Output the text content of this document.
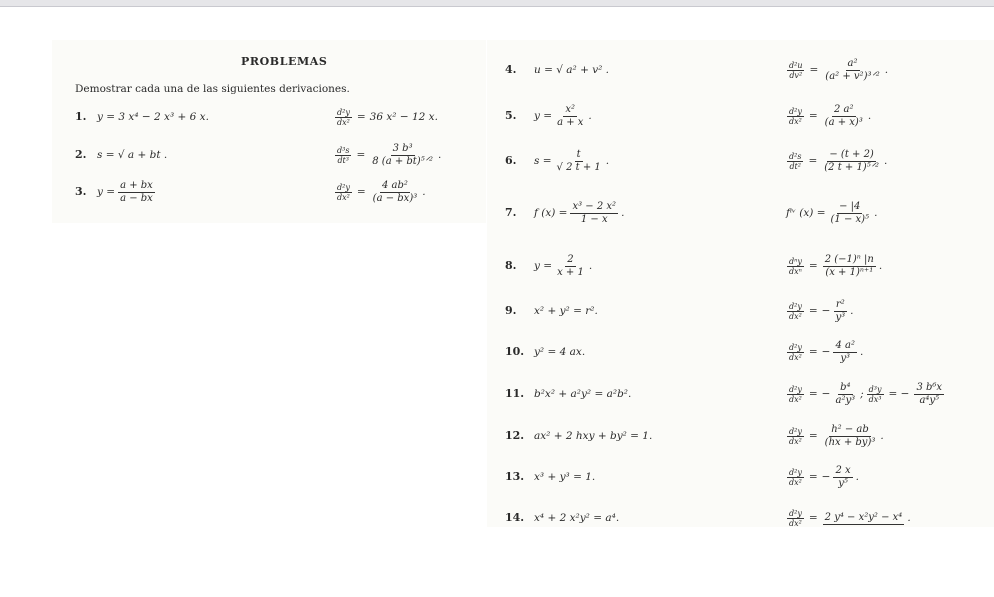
PROBLEMAS
Demostrar cada una de las siguientes derivaciones.
1. y = 3 x⁴ − 2 x³ + 6 x.	$\frac{\text{d²y}}{\text{dx²}} = 36$ x² − 12 x.
2. s = √ a + bt .	$\frac{\text{d³s}}{\text{dt³}} = \frac{\text{3 b³}}{\text{8 (a + bt)⁵ᐟ²}}$ .
3. $y = \frac{a + bx}{a - bx}$	$\frac{\text{d²y}}{\text{dx²}} = \frac{\text{4 ab²}}{\text{(a − bx)³}}$ .
4. u = √ a² + v² .	$\frac{\text{d²u}}{\text{dv²}} = \frac{\text{a²}}{\text{(a² + v²)³ᐟ²}}$ .
5. $y = \frac{\text{x²}}{a + x}$ .	$\frac{\text{d²y}}{\text{dx²}} = \frac{\text{2 a²}}{\text{(a + x)³}}$ .
6. $s = \frac{t}{√ 2 t + 1}$ .	$\frac{\text{d²s}}{\text{dt²}} = \frac{- (t + 2)}{\text{(2 t + 1)⁵ᐟ²}}$ .
7. f $(x) = \frac{\text{x³ − 2 x²}}{1 - x}$ .	fⁱᵛ $(x) = \frac{- |4}{\text{(1 − x)⁵}}$ .
8. $y = \frac{2}{x + 1}$ .	$\frac{\text{dⁿy}}{\text{dxⁿ}} = \frac{\text{2 (−1)ⁿ |n}}{\text{(x + 1)ⁿ⁺¹}}$ .
9. x² + y² = r².	$\frac{\text{d²y}}{\text{dx²}}$ = − $\frac{\text{r²}}{\text{y³}}$ .
10. y² = 4 ax.	$\frac{\text{d²y}}{\text{dx²}}$ = − $\frac{\text{4 a²}}{\text{y³}}$ .
11. b²x² + a²y² = a²b².	$\frac{\text{d²y}}{\text{dx²}}$ = − $\frac{\text{b⁴}}{\text{a²y³}}$ ; $\frac{\text{d³y}}{\text{dx³}}$ = − $\frac{\text{3 b⁶x}}{\text{a⁴y⁵}}$
12. ax² + 2 hxy + by² = 1.	$\frac{\text{d²y}}{\text{dx²}} = \frac{\text{h² − ab}}{\text{(hx + by)³}}$ .
13. x³ + y³ = 1.	$\frac{\text{d²y}}{\text{dx²}}$ = − $\frac{2 x}{\text{y⁵}}$ .
14. x⁴ + 2 x²y² = a⁴.	$\frac{\text{d²y}}{\text{dx²}} = 2$ y⁴ − x²y² − x⁴ .
